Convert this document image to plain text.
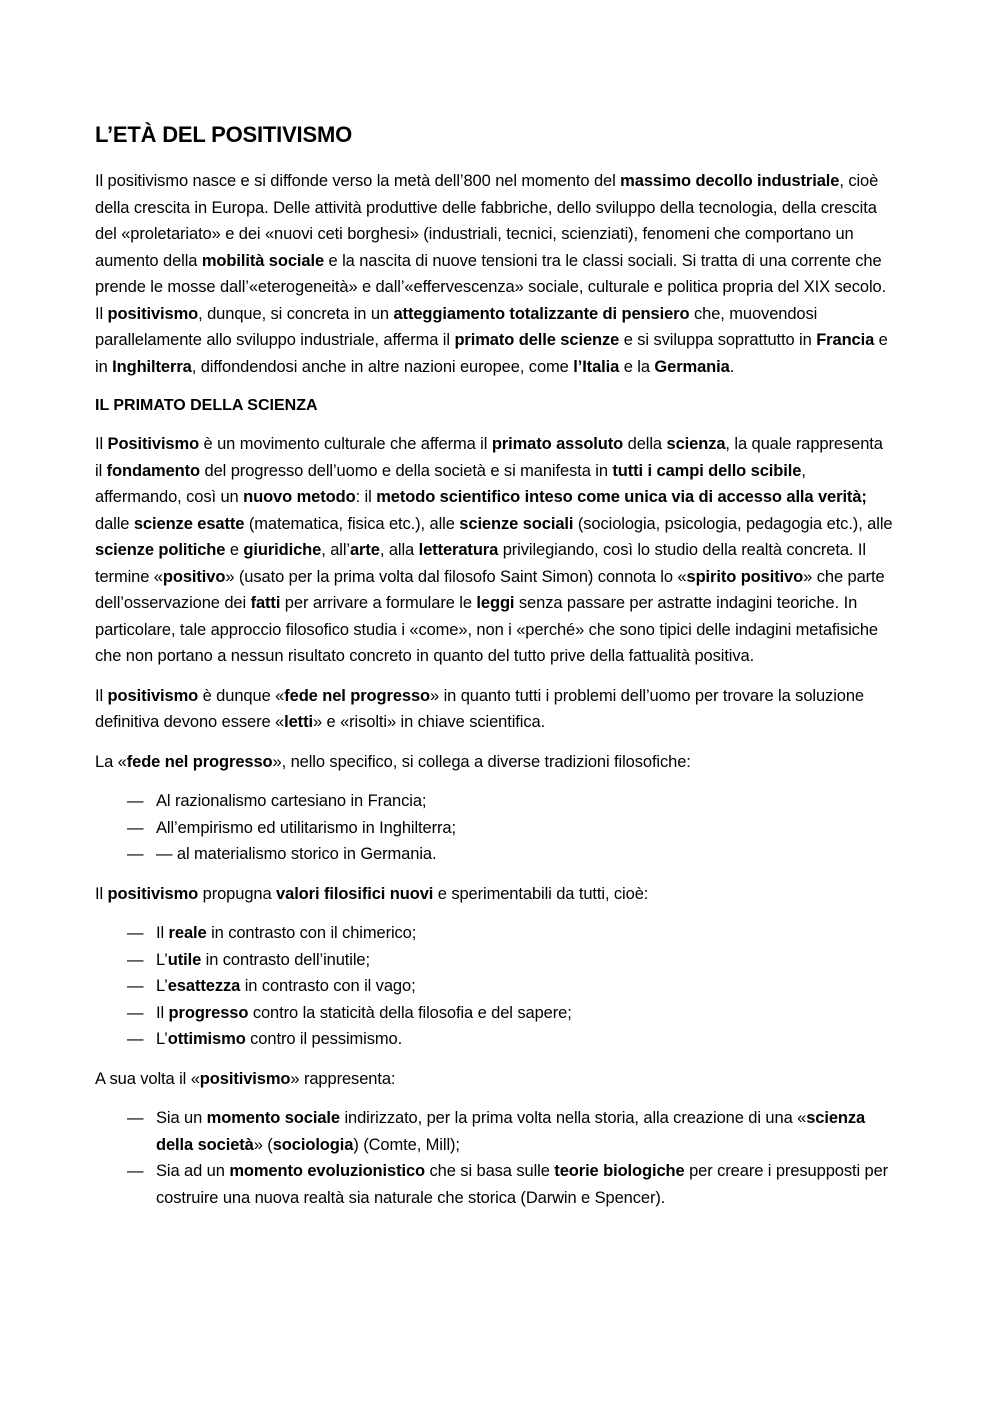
L’ETÀ DEL POSITIVISMO

Il positivismo nasce e si diffonde verso la metà dell’800 nel momento del massimo decollo industriale, cioè della crescita in Europa. Delle attività produttive delle fabbriche, dello sviluppo della tecnologia, della crescita del «proletariato» e dei «nuovi ceti borghesi» (industriali, tecnici, scienziati), fenomeni che comportano un aumento della mobilità sociale e la nascita di nuove tensioni tra le classi sociali. Si tratta di una corrente che prende le mosse dall’«eterogeneità» e dall’«effervescenza» sociale, culturale e politica propria del XIX secolo. Il positivismo, dunque, si concreta in un atteggiamento totalizzante di pensiero che, muovendosi parallelamente allo sviluppo industriale, afferma il primato delle scienze e si sviluppa soprattutto in Francia e in Inghilterra, diffondendosi anche in altre nazioni europee, come l’Italia e la Germania.

IL PRIMATO DELLA SCIENZA

Il Positivismo è un movimento culturale che afferma il primato assoluto della scienza, la quale rappresenta il fondamento del progresso dell’uomo e della società e si manifesta in tutti i campi dello scibile, affermando, così un nuovo metodo: il metodo scientifico inteso come unica via di accesso alla verità; dalle scienze esatte (matematica, fisica etc.), alle scienze sociali (sociologia, psicologia, pedagogia etc.), alle scienze politiche e giuridiche, all’arte, alla letteratura privilegiando, così lo studio della realtà concreta. Il termine «positivo» (usato per la prima volta dal filosofo Saint Simon) connota lo «spirito positivo» che parte dell’osservazione dei fatti per arrivare a formulare le leggi senza passare per astratte indagini teoriche. In particolare, tale approccio filosofico studia i «come», non i «perché» che sono tipici delle indagini metafisiche che non portano a nessun risultato concreto in quanto del tutto prive della fattualità positiva.

Il positivismo è dunque «fede nel progresso» in quanto tutti i problemi dell’uomo per trovare la soluzione definitiva devono essere «letti» e «risolti» in chiave scientifica.

La «fede nel progresso», nello specifico, si collega a diverse tradizioni filosofiche:

— Al razionalismo cartesiano in Francia;
— All’empirismo ed utilitarismo in Inghilterra;
— — al materialismo storico in Germania.

Il positivismo propugna valori filosifici nuovi e sperimentabili da tutti, cioè:

— Il reale in contrasto con il chimerico;
— L’utile in contrasto dell’inutile;
— L’esattezza in contrasto con il vago;
— Il progresso contro la staticità della filosofia e del sapere;
— L’ottimismo contro il pessimismo.

A sua volta il «positivismo» rappresenta:

— Sia un momento sociale indirizzato, per la prima volta nella storia, alla creazione di una «scienza della società» (sociologia) (Comte, Mill);
— Sia ad un momento evoluzionistico che si basa sulle teorie biologiche per creare i presupposti per costruire una nuova realtà sia naturale che storica (Darwin e Spencer).
